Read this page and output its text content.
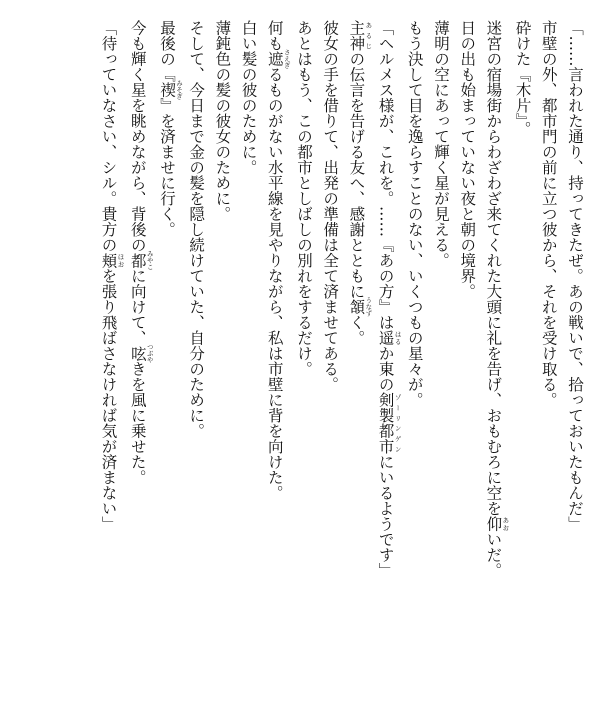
「……言われた通り、持ってきたぜ。あの戦いで、拾っておいたもんだ」
市壁の外、都市門の前に立つ彼から、それを受け取る。
砕けた『木片』。
迷宮の宿場街からわざわざ来てくれた大頭に礼を告げ、おもむろに空を仰 あおいだ。
日の出も始まっていない夜と朝の境界。
薄明の空にあって輝く星が見える。
もう決して目を逸らすことのない、いくつもの星々が。
「ヘルメス様が、これを。……『あの方』は遥 はるか東の剣製都市 ゾーリンゲンにいるようです」
主神 あるじの伝言を告げる友へ、感謝とともに頷 うなずく。
彼女の手を借りて、出発の準備は全て済ませてある。
あとはもう、この都市としばしの別れをするだけ。
何も遮 さえぎるものがない水平線を見やりながら、私は市壁に背を向けた。
白い髪の彼のために。
薄鈍色の髪の彼女のために。
そして、今日まで金の髪を隠し続けていた、自分のために。
最後の『禊 みそぎ』を済ませに行く。
今も輝く星を眺めながら、背後の都 みやこに向けて、呟 つぶやきを風に乗せた。
「待っていなさい、シル。貴方の頬 ほおを張り飛ばさなければ気が済まない」
